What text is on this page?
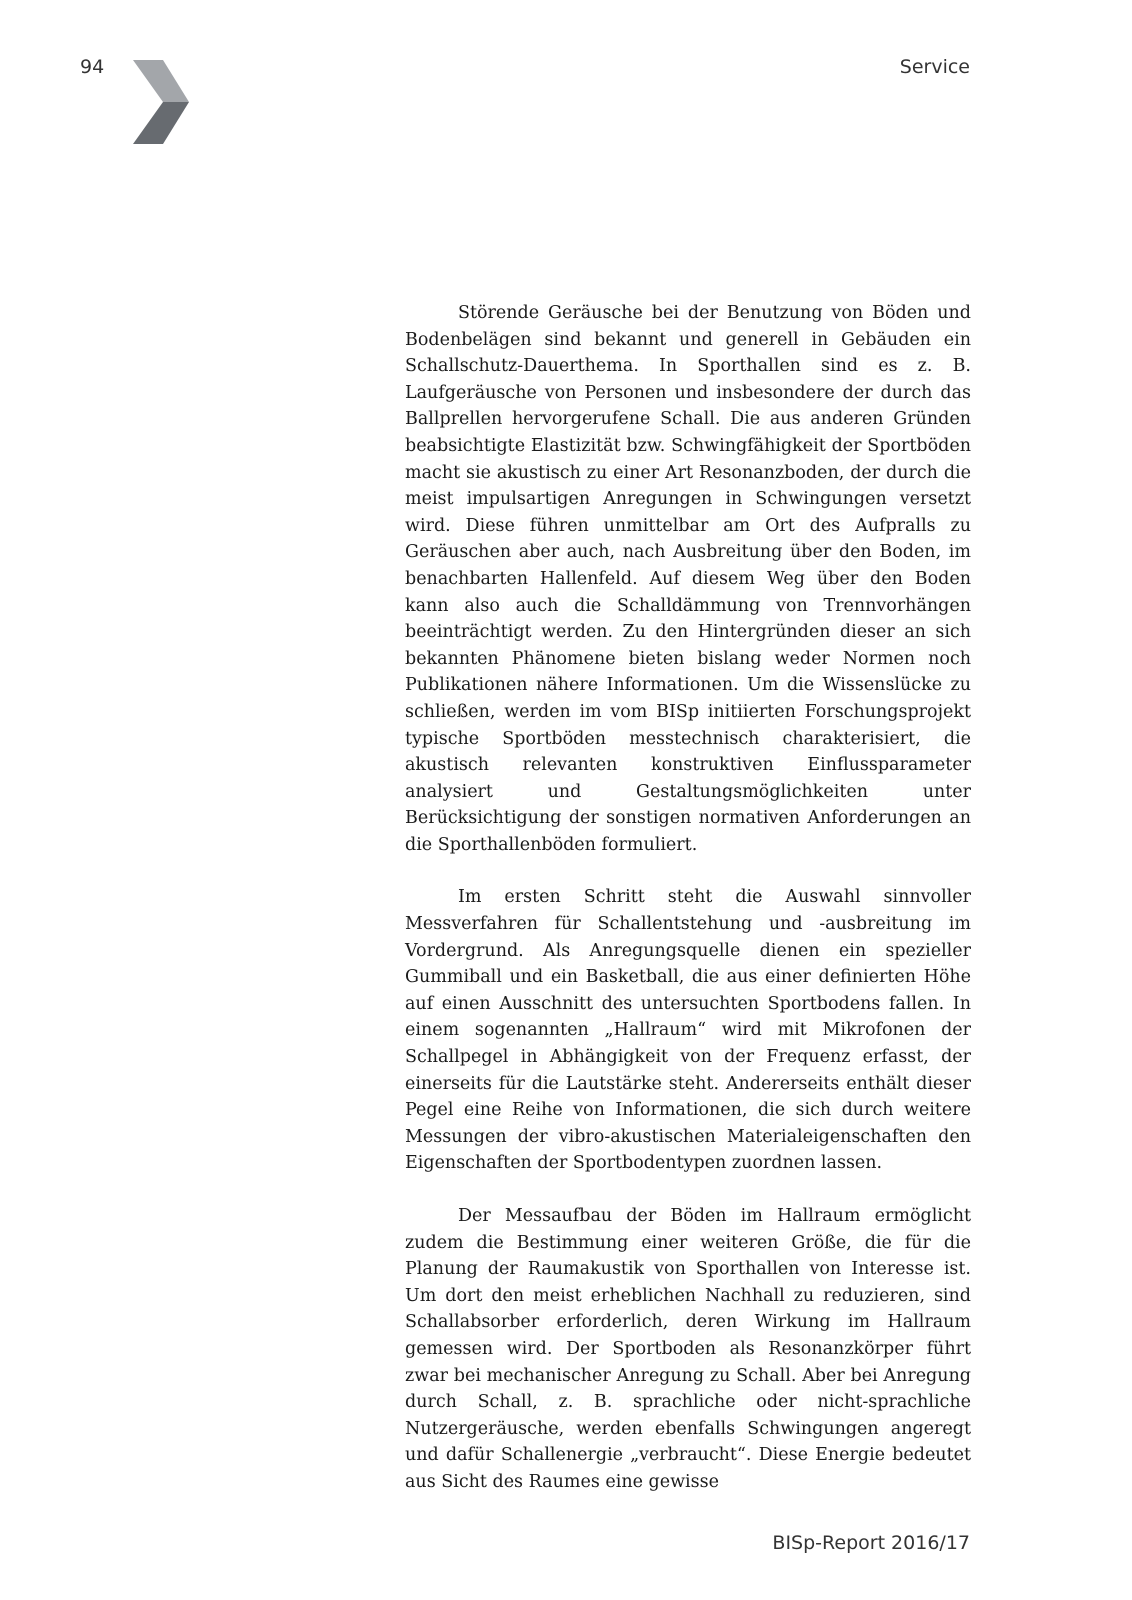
94	Service

Störende Geräusche bei der Benutzung von Böden und Bodenbelägen sind bekannt und generell in Gebäuden ein Schallschutz-Dauerthema. In Sporthallen sind es z. B. Laufgeräusche von Personen und insbesondere der durch das Ballprellen hervorgerufene Schall. Die aus anderen Gründen beabsichtigte Elastizität bzw. Schwingfähigkeit der Sportböden macht sie akustisch zu einer Art Resonanzboden, der durch die meist impulsartigen Anregungen in Schwingungen versetzt wird. Diese führen unmittelbar am Ort des Aufpralls zu Geräuschen aber auch, nach Ausbreitung über den Boden, im benachbarten Hallenfeld. Auf diesem Weg über den Boden kann also auch die Schalldämmung von Trennvorhängen beeinträchtigt werden. Zu den Hintergründen dieser an sich bekannten Phänomene bieten bislang weder Normen noch Publikationen nähere Informationen. Um die Wissenslücke zu schließen, werden im vom BISp initiierten Forschungsprojekt typische Sportböden messtechnisch charakterisiert, die akustisch relevanten konstruktiven Einflussparameter analysiert und Gestaltungsmöglichkeiten unter Berücksichtigung der sonstigen normativen Anforderungen an die Sporthallenböden formuliert.

Im ersten Schritt steht die Auswahl sinnvoller Messverfahren für Schallentstehung und -ausbreitung im Vordergrund. Als Anregungsquelle dienen ein spezieller Gummiball und ein Basketball, die aus einer definierten Höhe auf einen Ausschnitt des untersuchten Sportbodens fallen. In einem sogenannten „Hallraum“ wird mit Mikrofonen der Schallpegel in Abhängigkeit von der Frequenz erfasst, der einerseits für die Lautstärke steht. Andererseits enthält dieser Pegel eine Reihe von Informationen, die sich durch weitere Messungen der vibro-akustischen Materialeigenschaften den Eigenschaften der Sportbodentypen zuordnen lassen.

Der Messaufbau der Böden im Hallraum ermöglicht zudem die Bestimmung einer weiteren Größe, die für die Planung der Raumakustik von Sporthallen von Interesse ist. Um dort den meist erheblichen Nachhall zu reduzieren, sind Schallabsorber erforderlich, deren Wirkung im Hallraum gemessen wird. Der Sportboden als Resonanzkörper führt zwar bei mechanischer Anregung zu Schall. Aber bei Anregung durch Schall, z. B. sprachliche oder nicht-sprachliche Nutzergeräusche, werden ebenfalls Schwingungen angeregt und dafür Schallenergie „verbraucht“. Diese Energie bedeutet aus Sicht des Raumes eine gewisse

BISp-Report 2016/17
